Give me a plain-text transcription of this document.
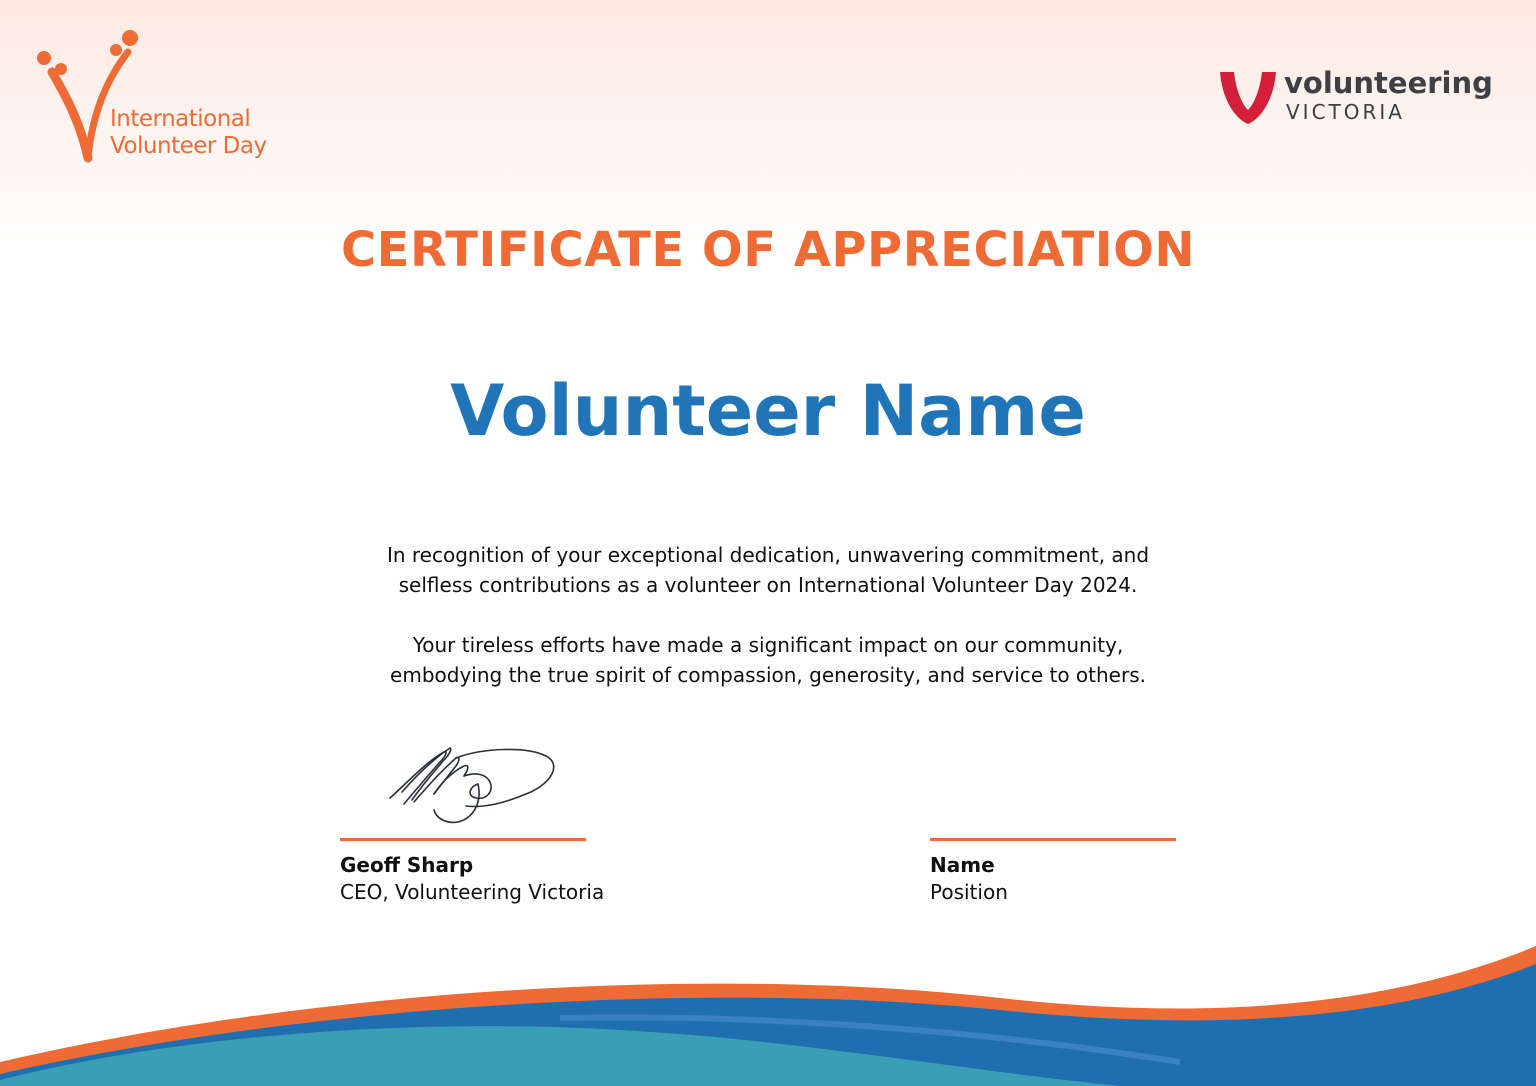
International
Volunteer Day
volunteering
VICTORIA
CERTIFICATE OF APPRECIATION
Volunteer Name
In recognition of your exceptional dedication, unwavering commitment, and
selfless contributions as a volunteer on International Volunteer Day 2024.
Your tireless efforts have made a significant impact on our community,
embodying the true spirit of compassion, generosity, and service to others.
Geoff Sharp
CEO, Volunteering Victoria
Name
Position
